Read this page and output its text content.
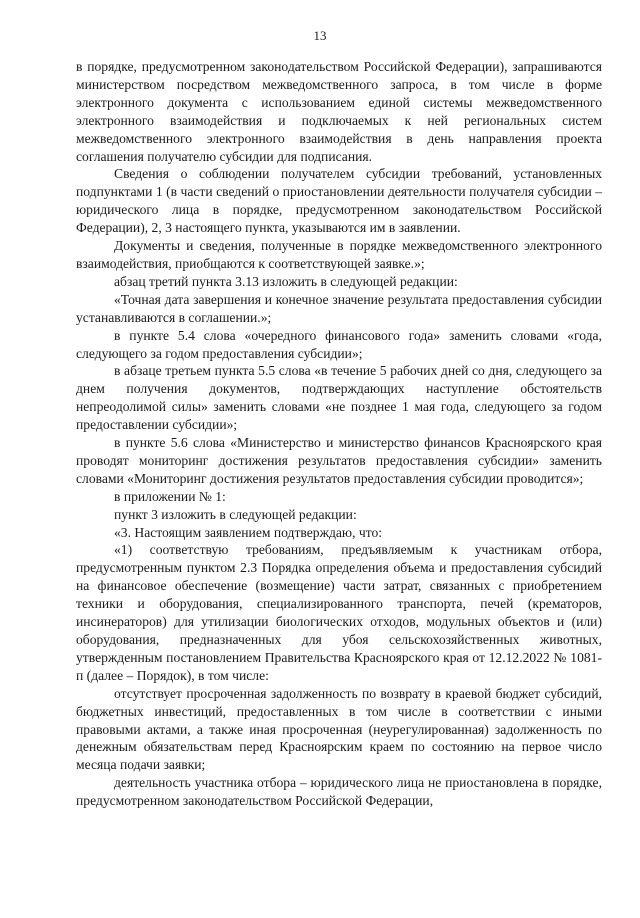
13

в порядке, предусмотренном законодательством Российской Федерации), запрашиваются министерством посредством межведомственного запроса, в том числе в форме электронного документа с использованием единой системы межведомственного электронного взаимодействия и подключаемых к ней региональных систем межведомственного электронного взаимодействия в день направления проекта соглашения получателю субсидии для подписания.

Сведения о соблюдении получателем субсидии требований, установленных подпунктами 1 (в части сведений о приостановлении деятельности получателя субсидии – юридического лица в порядке, предусмотренном законодательством Российской Федерации), 2, 3 настоящего пункта, указываются им в заявлении.

Документы и сведения, полученные в порядке межведомственного электронного взаимодействия, приобщаются к соответствующей заявке.»;

абзац третий пункта 3.13 изложить в следующей редакции:

«Точная дата завершения и конечное значение результата предоставления субсидии устанавливаются в соглашении.»;

в пункте 5.4 слова «очередного финансового года» заменить словами «года, следующего за годом предоставления субсидии»;

в абзаце третьем пункта 5.5 слова «в течение 5 рабочих дней со дня, следующего за днем получения документов, подтверждающих наступление обстоятельств непреодолимой силы» заменить словами «не позднее 1 мая года, следующего за годом предоставлении субсидии»;

в пункте 5.6 слова «Министерство и министерство финансов Красноярского края проводят мониторинг достижения результатов предоставления субсидии» заменить словами «Мониторинг достижения результатов предоставления субсидии проводится»;

в приложении № 1:

пункт 3 изложить в следующей редакции:

«3. Настоящим заявлением подтверждаю, что:

«1) соответствую требованиям, предъявляемым к участникам отбора, предусмотренным пунктом 2.3 Порядка определения объема и предоставления субсидий на финансовое обеспечение (возмещение) части затрат, связанных с приобретением техники и оборудования, специализированного транспорта, печей (крематоров, инсинераторов) для утилизации биологических отходов, модульных объектов и (или) оборудования, предназначенных для убоя сельскохозяйственных животных, утвержденным постановлением Правительства Красноярского края от 12.12.2022 № 1081-п (далее – Порядок), в том числе:

отсутствует просроченная задолженность по возврату в краевой бюджет субсидий, бюджетных инвестиций, предоставленных в том числе в соответствии с иными правовыми актами, а также иная просроченная (неурегулированная) задолженность по денежным обязательствам перед Красноярским краем по состоянию на первое число месяца подачи заявки;

деятельность участника отбора – юридического лица не приостановлена в порядке, предусмотренном законодательством Российской Федерации,
